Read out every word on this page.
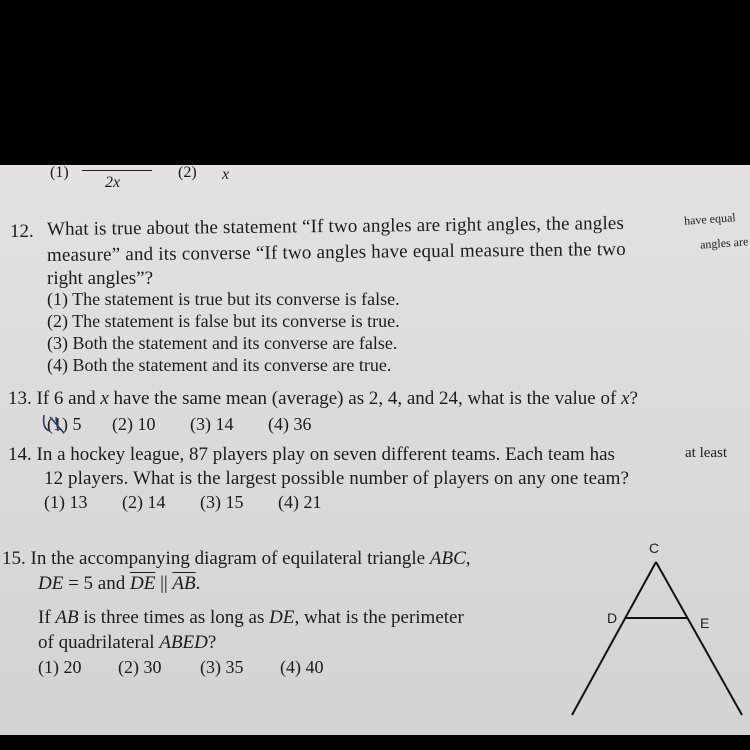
(1)
2x
(2) x
12. What is true about the statement “If two angles are right angles, the angles	have equal
measure” and its converse “If two angles have equal measure then the two	angles are
right angles”?
(1) The statement is true but its converse is false.
(2) The statement is false but its converse is true.
(3) Both the statement and its converse are false.
(4) Both the statement and its converse are true.
13. If 6 and x have the same mean (average) as 2, 4, and 24, what is the value of x?
(1) 5 (2) 10 (3) 14 (4) 36
14. In a hockey league, 87 players play on seven different teams. Each team has	at least
12 players. What is the largest possible number of players on any one team?
(1) 13 (2) 14 (3) 15 (4) 21
15. In the accompanying diagram of equilateral triangle ABC,
DE = 5 and $\overline{DE}$ || $\overline{AB}$.
If AB is three times as long as DE, what is the perimeter
of quadrilateral ABED?
(1) 20 (2) 30 (3) 35 (4) 40
C
D	E
